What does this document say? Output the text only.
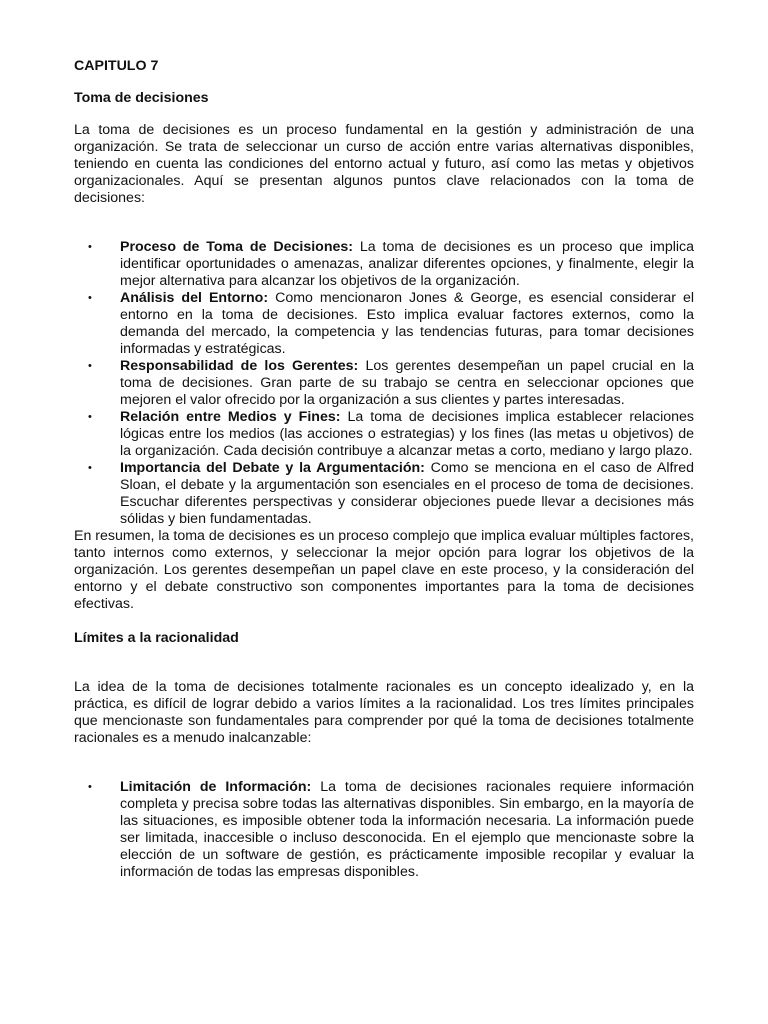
CAPITULO 7
Toma de decisiones

La toma de decisiones es un proceso fundamental en la gestión y administración de una organización. Se trata de seleccionar un curso de acción entre varias alternativas disponibles, teniendo en cuenta las condiciones del entorno actual y futuro, así como las metas y objetivos organizacionales. Aquí se presentan algunos puntos clave relacionados con la toma de decisiones:

• Proceso de Toma de Decisiones: La toma de decisiones es un proceso que implica identificar oportunidades o amenazas, analizar diferentes opciones, y finalmente, elegir la mejor alternativa para alcanzar los objetivos de la organización.
• Análisis del Entorno: Como mencionaron Jones & George, es esencial considerar el entorno en la toma de decisiones. Esto implica evaluar factores externos, como la demanda del mercado, la competencia y las tendencias futuras, para tomar decisiones informadas y estratégicas.
• Responsabilidad de los Gerentes: Los gerentes desempeñan un papel crucial en la toma de decisiones. Gran parte de su trabajo se centra en seleccionar opciones que mejoren el valor ofrecido por la organización a sus clientes y partes interesadas.
• Relación entre Medios y Fines: La toma de decisiones implica establecer relaciones lógicas entre los medios (las acciones o estrategias) y los fines (las metas u objetivos) de la organización. Cada decisión contribuye a alcanzar metas a corto, mediano y largo plazo.
• Importancia del Debate y la Argumentación: Como se menciona en el caso de Alfred Sloan, el debate y la argumentación son esenciales en el proceso de toma de decisiones. Escuchar diferentes perspectivas y considerar objeciones puede llevar a decisiones más sólidas y bien fundamentadas.

En resumen, la toma de decisiones es un proceso complejo que implica evaluar múltiples factores, tanto internos como externos, y seleccionar la mejor opción para lograr los objetivos de la organización. Los gerentes desempeñan un papel clave en este proceso, y la consideración del entorno y el debate constructivo son componentes importantes para la toma de decisiones efectivas.

Límites a la racionalidad

La idea de la toma de decisiones totalmente racionales es un concepto idealizado y, en la práctica, es difícil de lograr debido a varios límites a la racionalidad. Los tres límites principales que mencionaste son fundamentales para comprender por qué la toma de decisiones totalmente racionales es a menudo inalcanzable:

• Limitación de Información: La toma de decisiones racionales requiere información completa y precisa sobre todas las alternativas disponibles. Sin embargo, en la mayoría de las situaciones, es imposible obtener toda la información necesaria. La información puede ser limitada, inaccesible o incluso desconocida. En el ejemplo que mencionaste sobre la elección de un software de gestión, es prácticamente imposible recopilar y evaluar la información de todas las empresas disponibles.
